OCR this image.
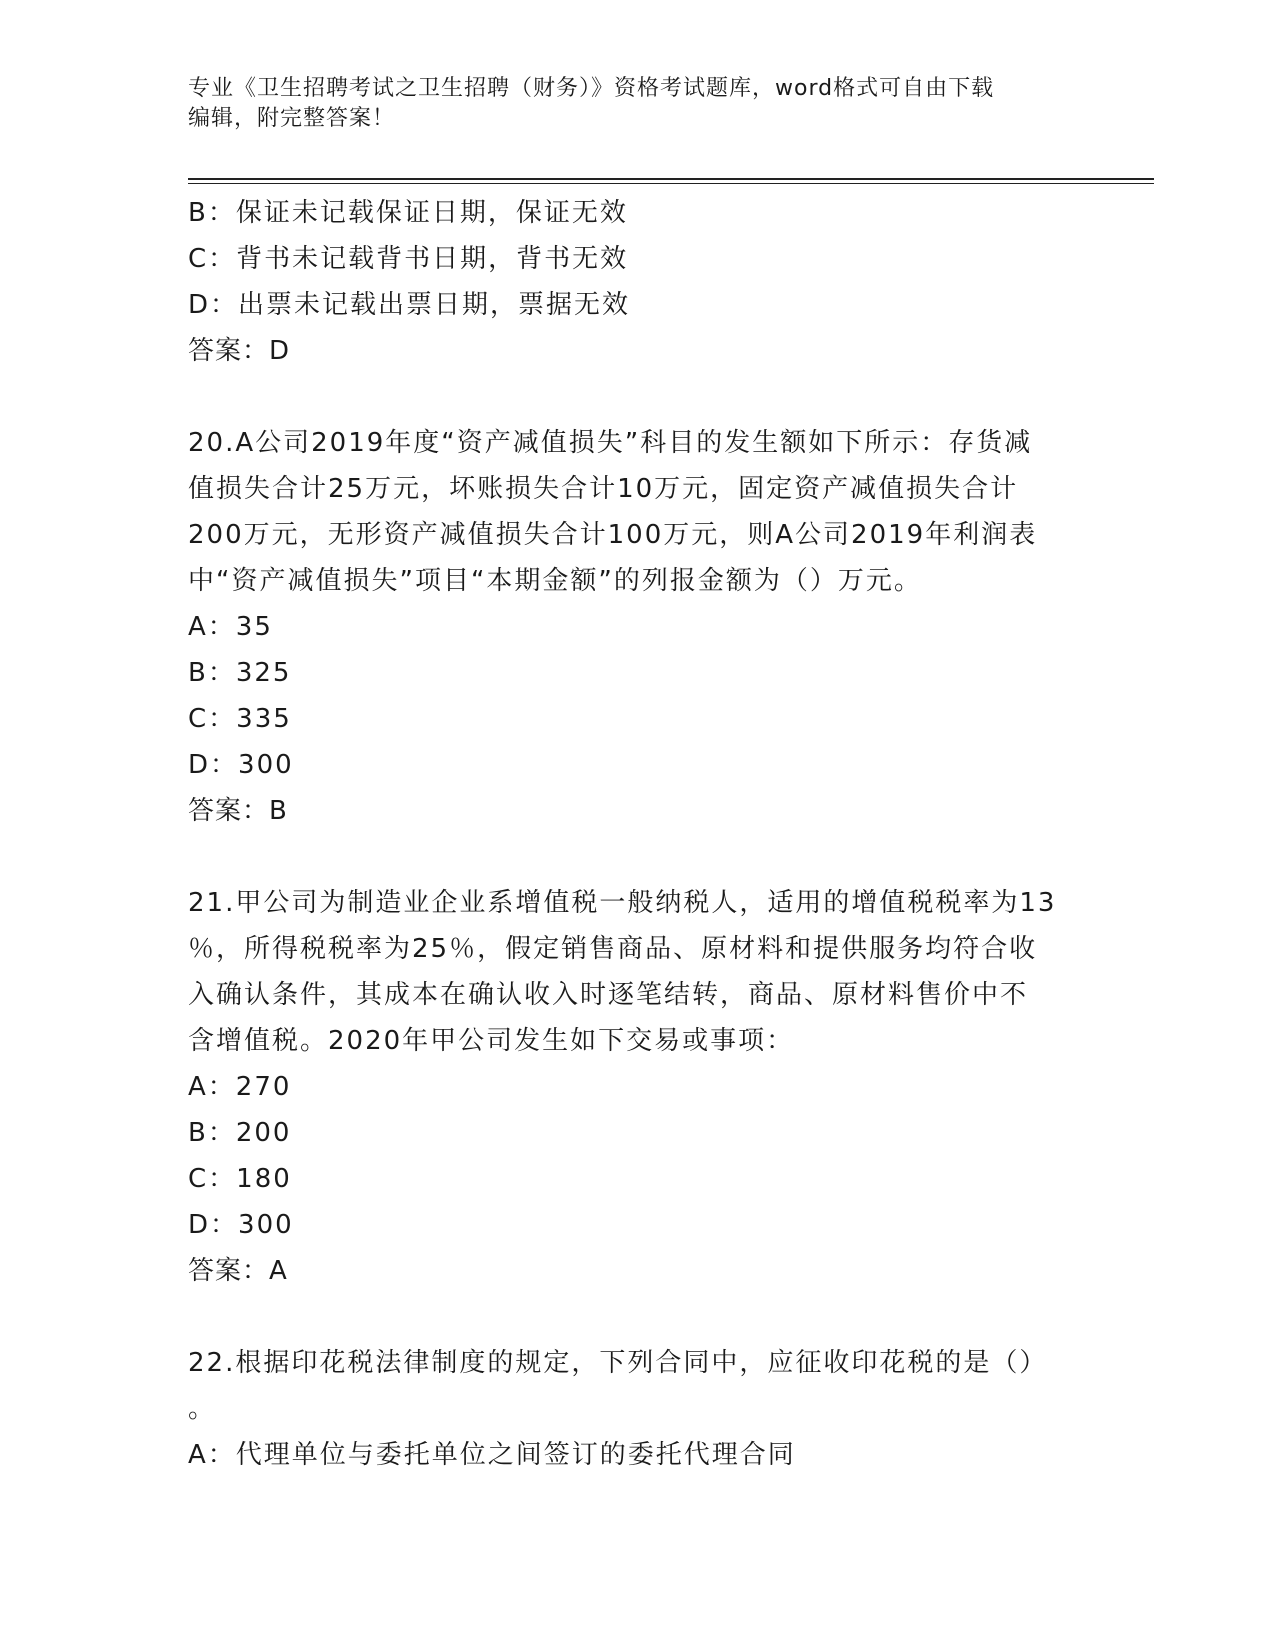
专业《卫生招聘考试之卫生招聘（财务）》资格考试题库，word格式可自由下载
编辑，附完整答案！
B：保证未记载保证日期，保证无效
C：背书未记载背书日期，背书无效
D：出票未记载出票日期，票据无效
答案：D
20.A公司2019年度“资产减值损失”科目的发生额如下所示：存货减
值损失合计25万元，坏账损失合计10万元，固定资产减值损失合计
200万元，无形资产减值损失合计100万元，则A公司2019年利润表
中“资产减值损失”项目“本期金额”的列报金额为（）万元。
A：35
B：325
C：335
D：300
答案：B
21.甲公司为制造业企业系增值税一般纳税人，适用的增值税税率为13
％，所得税税率为25％，假定销售商品、原材料和提供服务均符合收
入确认条件，其成本在确认收入时逐笔结转，商品、原材料售价中不
含增值税。2020年甲公司发生如下交易或事项：
A：270
B：200
C：180
D：300
答案：A
22.根据印花税法律制度的规定，下列合同中，应征收印花税的是（）
。
A：代理单位与委托单位之间签订的委托代理合同
